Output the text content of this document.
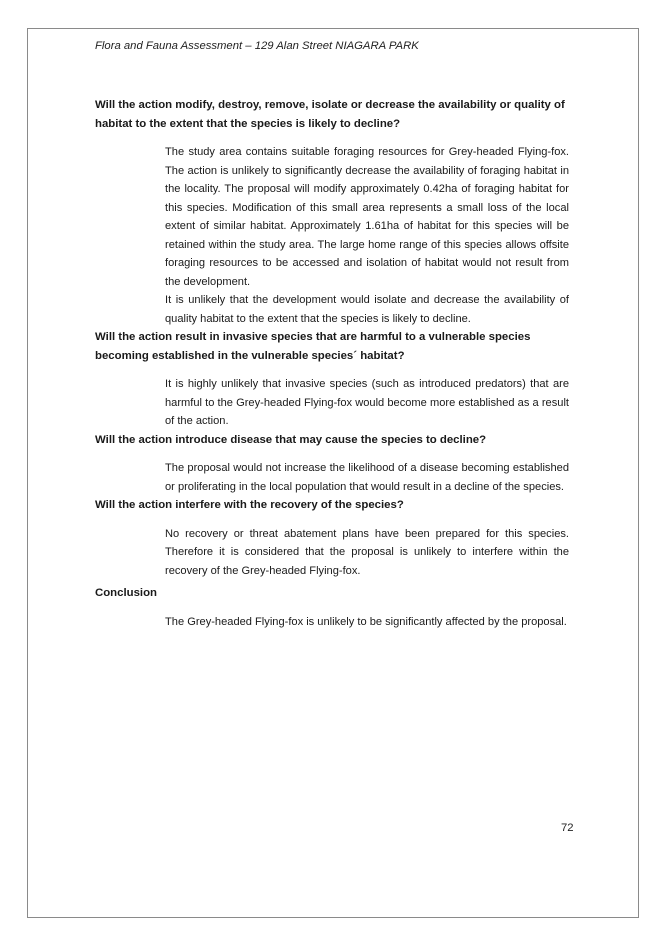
Flora and Fauna Assessment – 129 Alan Street NIAGARA PARK

Will the action modify, destroy, remove, isolate or decrease the availability or quality of habitat to the extent that the species is likely to decline?

The study area contains suitable foraging resources for Grey-headed Flying-fox. The action is unlikely to significantly decrease the availability of foraging habitat in the locality. The proposal will modify approximately 0.42ha of foraging habitat for this species. Modification of this small area represents a small loss of the local extent of similar habitat. Approximately 1.61ha of habitat for this species will be retained within the study area. The large home range of this species allows offsite foraging resources to be accessed and isolation of habitat would not result from the development.

It is unlikely that the development would isolate and decrease the availability of quality habitat to the extent that the species is likely to decline.

Will the action result in invasive species that are harmful to a vulnerable species becoming established in the vulnerable species´ habitat?

It is highly unlikely that invasive species (such as introduced predators) that are harmful to the Grey-headed Flying-fox would become more established as a result of the action.

Will the action introduce disease that may cause the species to decline?

The proposal would not increase the likelihood of a disease becoming established or proliferating in the local population that would result in a decline of the species.

Will the action interfere with the recovery of the species?

No recovery or threat abatement plans have been prepared for this species. Therefore it is considered that the proposal is unlikely to interfere within the recovery of the Grey-headed Flying-fox.

Conclusion

The Grey-headed Flying-fox is unlikely to be significantly affected by the proposal.

72
